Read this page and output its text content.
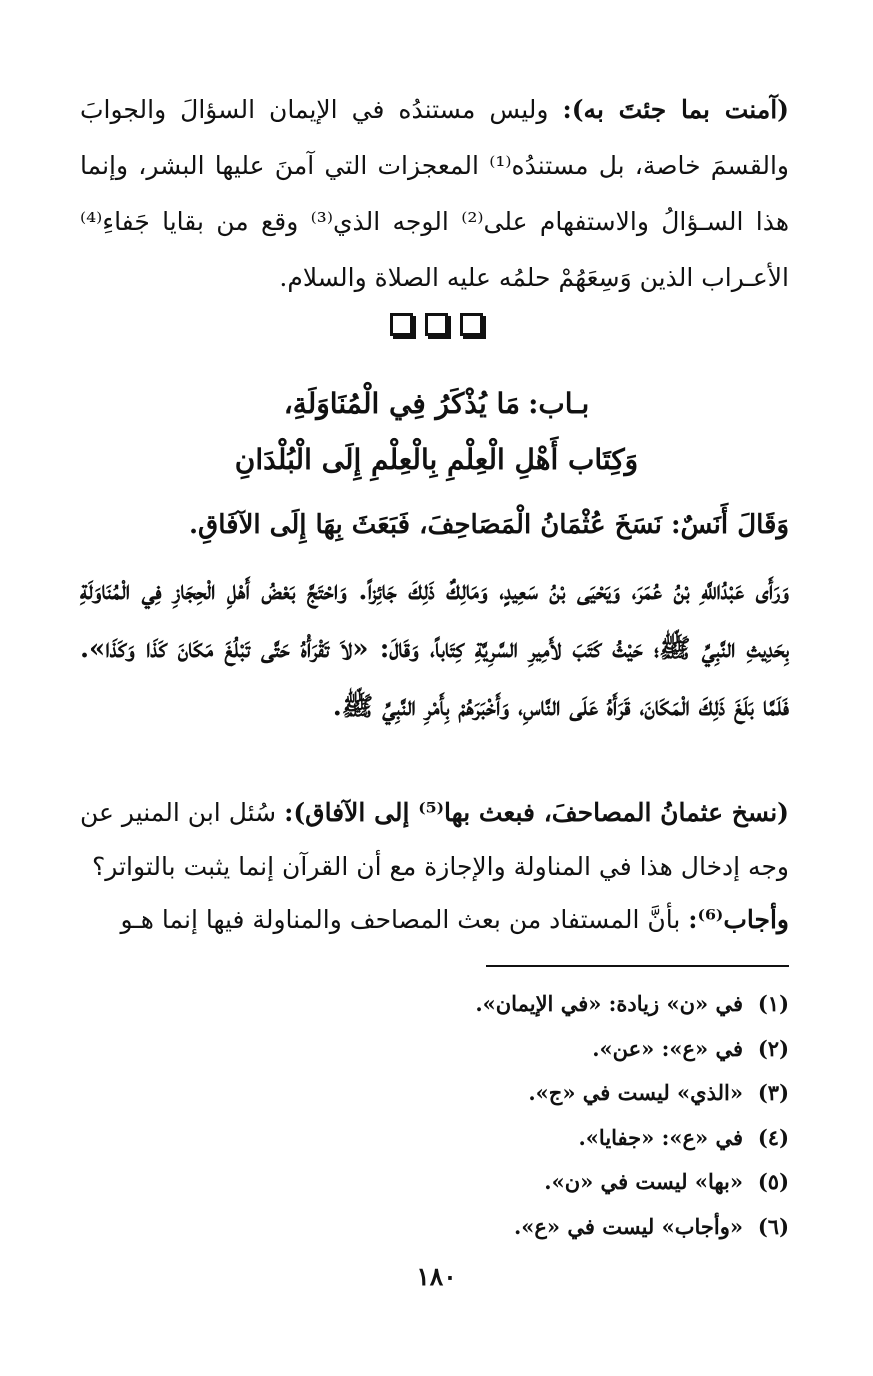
(آمنت بما جئتَ به): وليس مستندُه في الإيمان السؤالَ والجوابَ والقسمَ خاصة، بل مستندُه⁽¹⁾ المعجزات التي آمنَ عليها البشر، وإنما هذا السـؤالُ والاستفهام على⁽²⁾ الوجه الذي⁽³⁾ وقع من بقايا جَفاءِ⁽⁴⁾ الأعـراب الذين وَسِعَهُمْ حلمُه عليه الصلاة والسلام.
بـاب:مَا يُذْكَرُ فِي الْمُنَاوَلَةِ،
وَكِتَاب أَهْلِ الْعِلْمِ بِالْعِلْمِ إِلَى الْبُلْدَانِ

وَقَالَ أَنَسٌ: نَسَخَ عُثْمَانُ الْمَصَاحِفَ، فَبَعَثَ بِهَا إِلَى الآفَاقِ.

وَرَأَى عَبْدُاللَّهِ بْنُ عُمَرَ، وَيَحْيَى بْنُ سَعِيدٍ، وَمَالِكٌ ذَلِكَ جَائِزاً. وَاحْتَجَّ بَعْضُ أَهْلِ الْحِجَازِ فِي الْمُنَاوَلَةِ بِحَدِيثِ النَّبِيِّ ﷺ؛ حَيْثُ كَتَبَ لأَمِيرِ السَّرِيَّةِ كِتَاباً، وَقَالَ: «لاَ تَقْرَأْهُ حَتَّى تَبْلُغَ مَكَانَ كَذَا وَكَذَا». فَلَمَّا بَلَغَ ذَلِكَ الْمَكَانَ، قَرَأَهُ عَلَى النَّاسِ، وَأَخْبَرَهُمْ بِأَمْرِ النَّبِيِّ ﷺ.

(نسخ عثمانُ المصاحفَ، فبعث بها⁽⁵⁾ إلى الآفاق): سُئل ابن المنير عن وجه إدخال هذا في المناولة والإجازة مع أن القرآن إنما يثبت بالتواتر؟
وأجاب⁽⁶⁾: بأنَّ المستفاد من بعث المصاحف والمناولة فيها إنما هـو
(١)
في «ن» زيادة: «في الإيمان».
(٢)
في «ع»: «عن».
(٣)
«الذي» ليست في «ج».
(٤)
في «ع»: «جفايا».
(٥)
«بها» ليست في «ن».
(٦)
«وأجاب» ليست في «ع».
١٨٠
